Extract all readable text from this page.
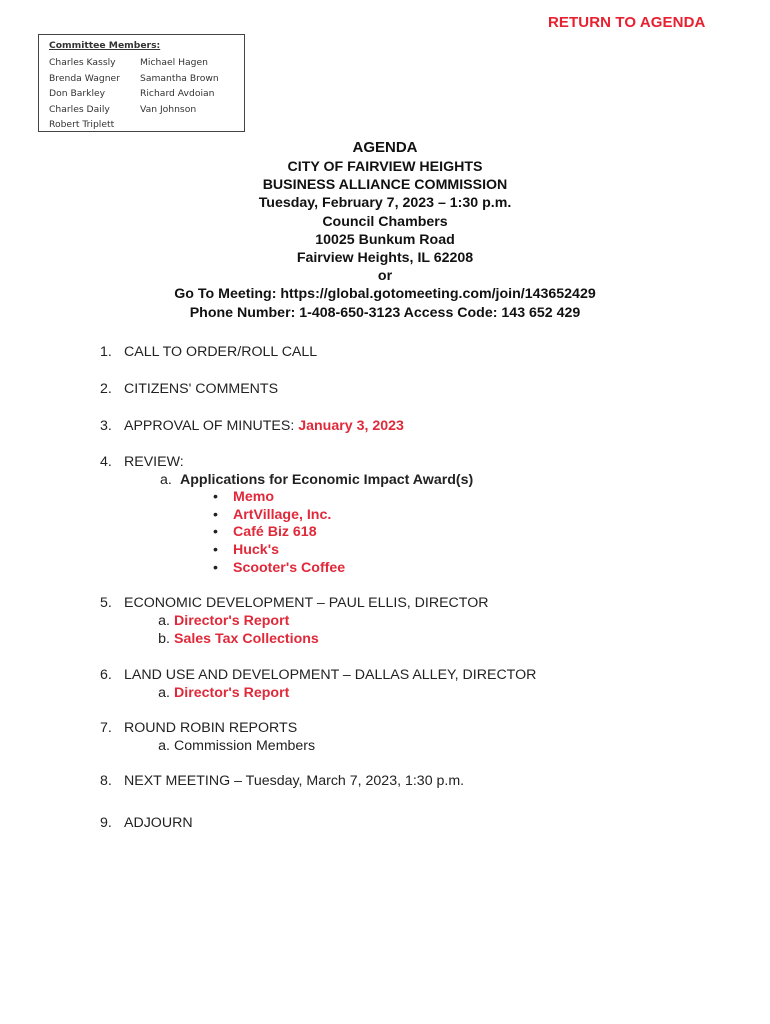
RETURN TO AGENDA
Committee Members:
Charles Kassly
Brenda Wagner
Don Barkley
Charles Daily
Robert Triplett
Michael Hagen
Samantha Brown
Richard Avdoian
Van Johnson
AGENDA
CITY OF FAIRVIEW HEIGHTS
BUSINESS ALLIANCE COMMISSION
Tuesday, February 7, 2023 – 1:30 p.m.
Council Chambers
10025 Bunkum Road
Fairview Heights, IL 62208
or
Go To Meeting: https://global.gotomeeting.com/join/143652429
Phone Number: 1-408-650-3123 Access Code: 143 652 429
1. CALL TO ORDER/ROLL CALL
2. CITIZENS' COMMENTS
3. APPROVAL OF MINUTES: January 3, 2023
4. REVIEW:
a. Applications for Economic Impact Award(s)
• Memo
• ArtVillage, Inc.
• Café Biz 618
• Huck's
• Scooter's Coffee
5. ECONOMIC DEVELOPMENT – PAUL ELLIS, DIRECTOR
a. Director's Report
b. Sales Tax Collections
6. LAND USE AND DEVELOPMENT – DALLAS ALLEY, DIRECTOR
a. Director's Report
7. ROUND ROBIN REPORTS
a. Commission Members
8. NEXT MEETING – Tuesday, March 7, 2023, 1:30 p.m.
9. ADJOURN
